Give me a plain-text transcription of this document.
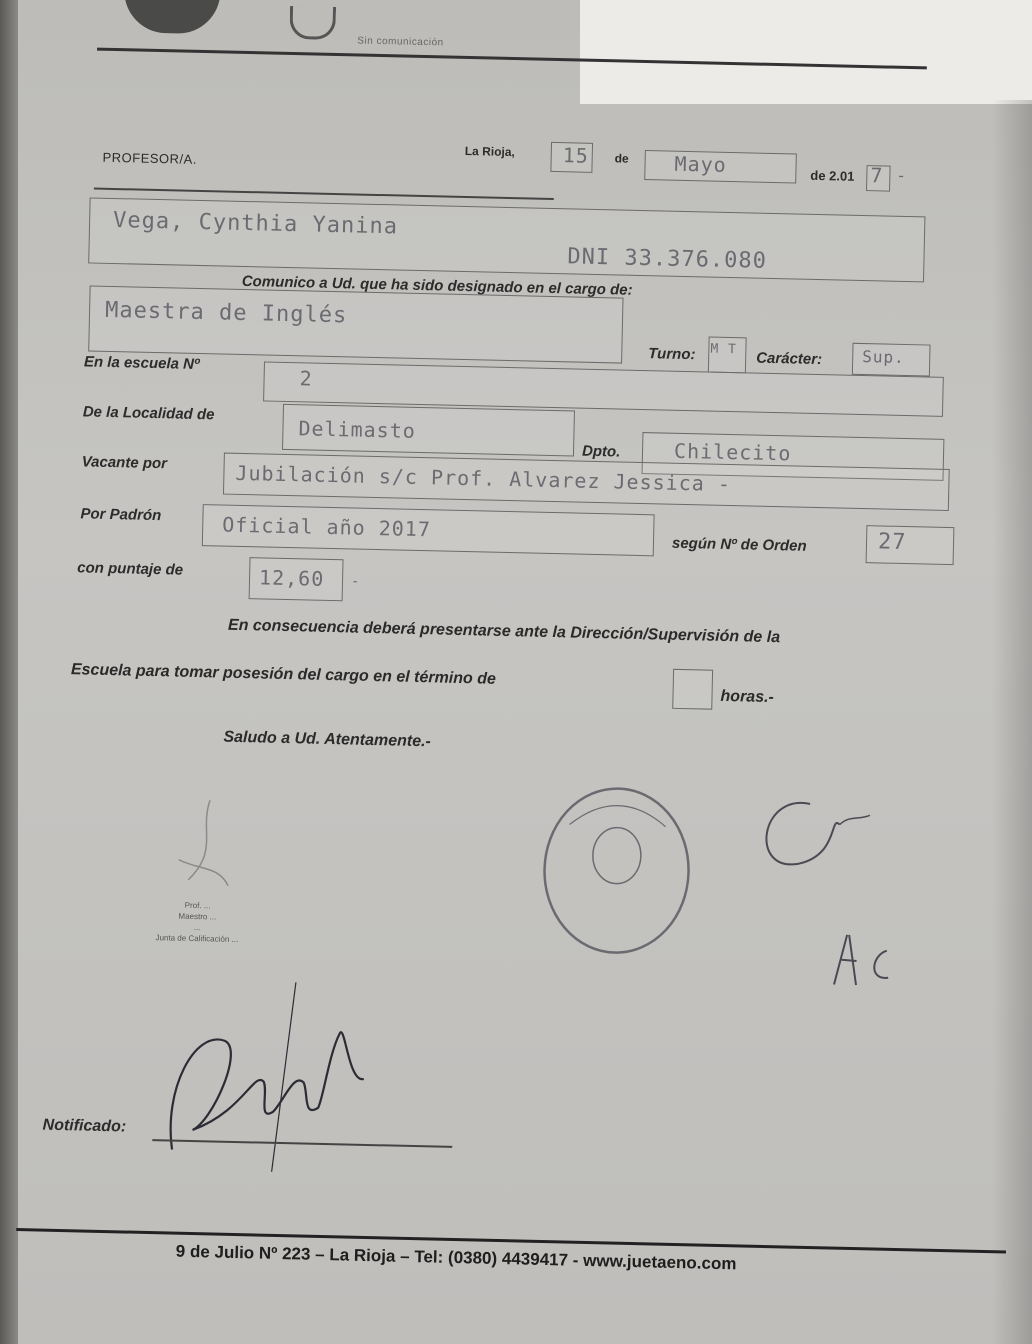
Sin comunicación
La Rioja, 15 de Mayo	de 2.01 7 -
PROFESOR/A.
Vega, Cynthia Yanina
DNI 33.376.080
Comunico a Ud. que ha sido designado en el cargo de:
Maestra de Inglés
Turno: M T
Carácter: Sup.
En la escuela Nº
2
De la Localidad de
Delimasto
Dpto.	Chilecito
Vacante por	Jubilación s/c Prof. Alvarez Jessica -
Por Padrón	Oficial año 2017
según Nº de Orden	27
con puntaje de	12,60 -
En consecuencia deberá presentarse ante la Dirección/Supervisión de la
Escuela para tomar posesión del cargo en el término de
horas.-
Saludo a Ud. Atentamente.-
Prof. ...
Maestro ...
...
Junta de Calificación ...
Notificado:
9 de Julio Nº 223 – La Rioja – Tel: (0380) 4439417 - www.juetaeno.com
